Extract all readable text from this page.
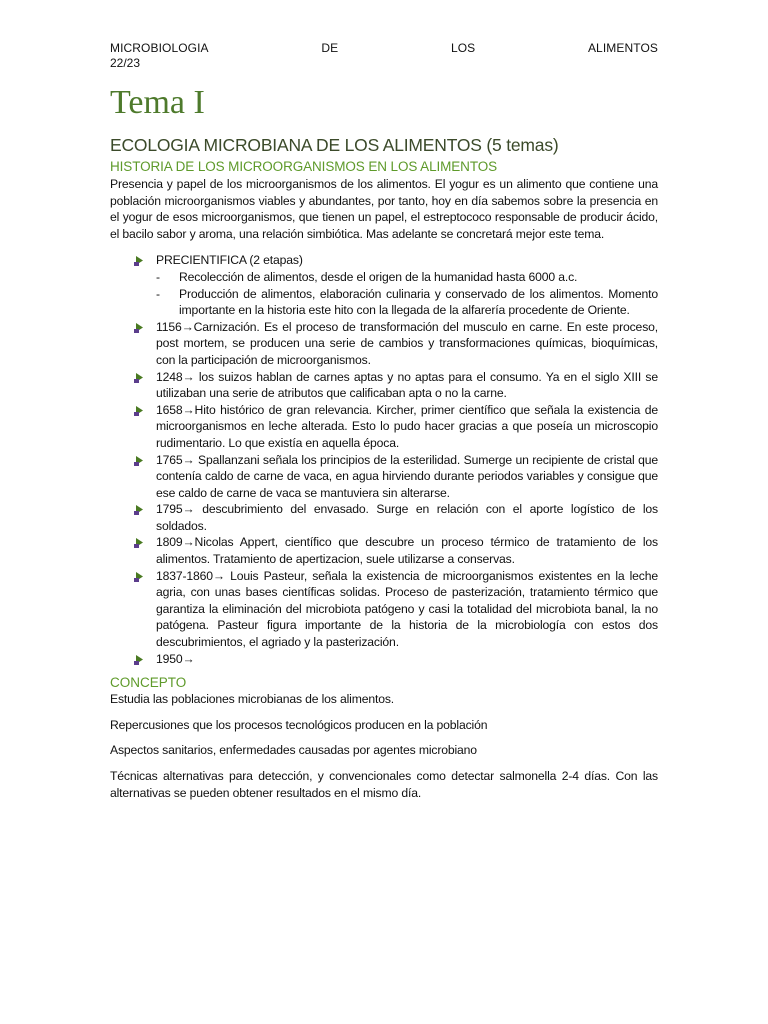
MICROBIOLOGIA	DE	LOS	ALIMENTOS
22/23
Tema I
ECOLOGIA MICROBIANA DE LOS ALIMENTOS (5 temas)
HISTORIA DE LOS MICROORGANISMOS EN LOS ALIMENTOS
Presencia y papel de los microorganismos de los alimentos. El yogur es un alimento que contiene una población microorganismos viables y abundantes, por tanto, hoy en día sabemos sobre la presencia en el yogur de esos microorganismos, que tienen un papel, el estreptococo responsable de producir ácido, el bacilo sabor y aroma, una relación simbiótica. Mas adelante se concretará mejor este tema.
PRECIENTIFICA (2 etapas)
- Recolección de alimentos, desde el origen de la humanidad hasta 6000 a.c.
- Producción de alimentos, elaboración culinaria y conservado de los alimentos. Momento importante en la historia este hito con la llegada de la alfarería procedente de Oriente.
1156→Carnización. Es el proceso de transformación del musculo en carne. En este proceso, post mortem, se producen una serie de cambios y transformaciones químicas, bioquímicas, con la participación de microorganismos.
1248→ los suizos hablan de carnes aptas y no aptas para el consumo. Ya en el siglo XIII se utilizaban una serie de atributos que calificaban apta o no la carne.
1658→Hito histórico de gran relevancia. Kircher, primer científico que señala la existencia de microorganismos en leche alterada. Esto lo pudo hacer gracias a que poseía un microscopio rudimentario. Lo que existía en aquella época.
1765→ Spallanzani señala los principios de la esterilidad. Sumerge un recipiente de cristal que contenía caldo de carne de vaca, en agua hirviendo durante periodos variables y consigue que ese caldo de carne de vaca se mantuviera sin alterarse.
1795→ descubrimiento del envasado. Surge en relación con el aporte logístico de los soldados.
1809→Nicolas Appert, científico que descubre un proceso térmico de tratamiento de los alimentos. Tratamiento de apertizacion, suele utilizarse a conservas.
1837-1860→ Louis Pasteur, señala la existencia de microorganismos existentes en la leche agria, con unas bases científicas solidas. Proceso de pasterización, tratamiento térmico que garantiza la eliminación del microbiota patógeno y casi la totalidad del microbiota banal, la no patógena. Pasteur figura importante de la historia de la microbiología con estos dos descubrimientos, el agriado y la pasterización.
1950→
CONCEPTO
Estudia las poblaciones microbianas de los alimentos.
Repercusiones que los procesos tecnológicos producen en la población
Aspectos sanitarios, enfermedades causadas por agentes microbiano
Técnicas alternativas para detección, y convencionales como detectar salmonella 2-4 días. Con las alternativas se pueden obtener resultados en el mismo día.
